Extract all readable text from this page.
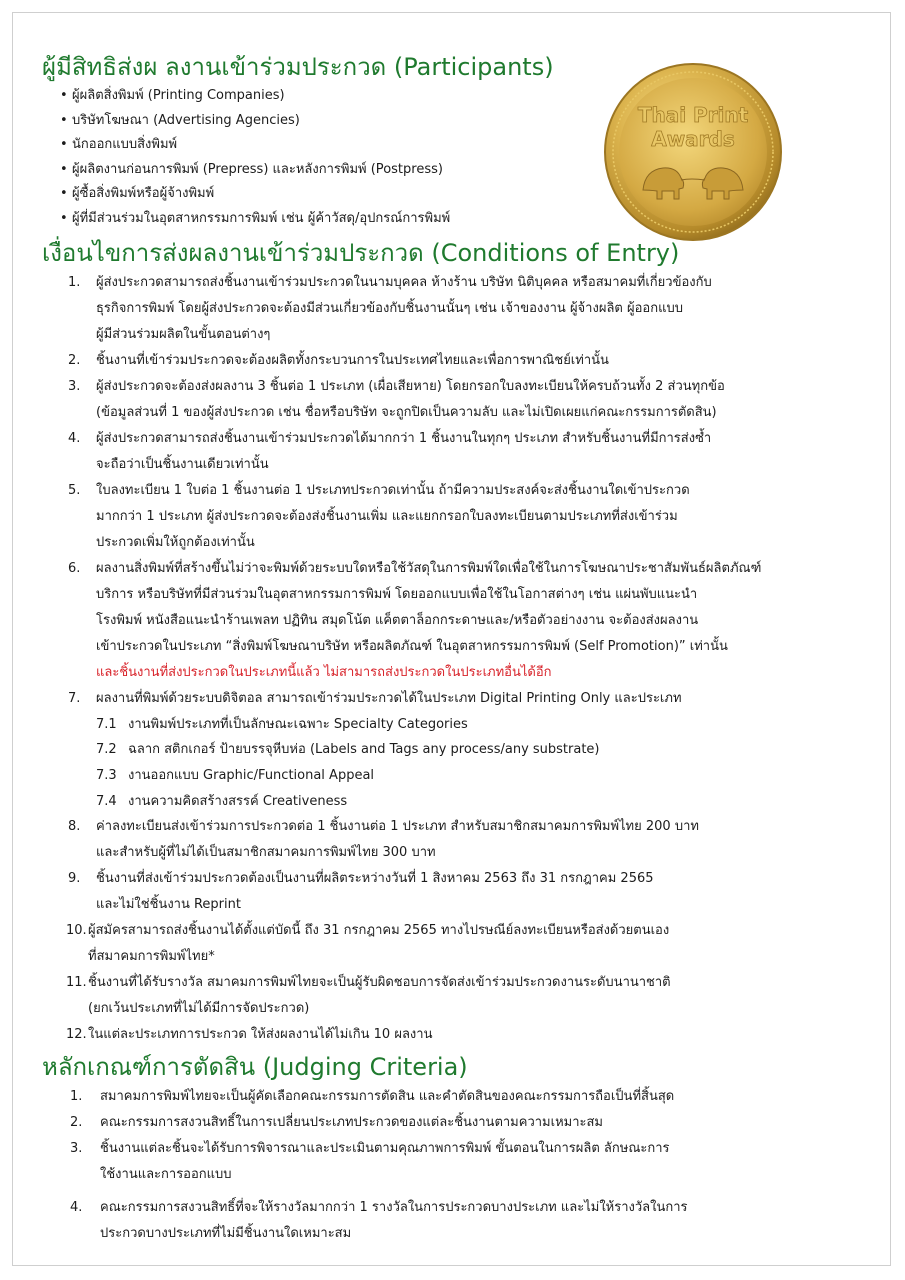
Thai Print
Awards
ผู้มีสิทธิส่งผ ลงานเข้าร่วมประกวด (Participants)
• ผู้ผลิตสิ่งพิมพ์ (Printing Companies)
• บริษัทโฆษณา (Advertising Agencies)
• นักออกแบบสิ่งพิมพ์
• ผู้ผลิตงานก่อนการพิมพ์ (Prepress) และหลังการพิมพ์ (Postpress)
• ผู้ซื้อสิ่งพิมพ์หรือผู้จ้างพิมพ์
• ผู้ที่มีส่วนร่วมในอุตสาหกรรมการพิมพ์ เช่น ผู้ค้าวัสดุ/อุปกรณ์การพิมพ์
เงื่อนไขการส่งผลงานเข้าร่วมประกวด (Conditions of Entry)
1. ผู้ส่งประกวดสามารถส่งชิ้นงานเข้าร่วมประกวดในนามบุคคล ห้างร้าน บริษัท นิติบุคคล หรือสมาคมที่เกี่ยวข้องกับ
ธุรกิจการพิมพ์ โดยผู้ส่งประกวดจะต้องมีส่วนเกี่ยวข้องกับชิ้นงานนั้นๆ เช่น เจ้าของงาน ผู้จ้างผลิต ผู้ออกแบบ
ผู้มีส่วนร่วมผลิตในขั้นตอนต่างๆ
2. ชิ้นงานที่เข้าร่วมประกวดจะต้องผลิตทั้งกระบวนการในประเทศไทยและเพื่อการพาณิชย์เท่านั้น
3. ผู้ส่งประกวดจะต้องส่งผลงาน 3 ชิ้นต่อ 1 ประเภท (เผื่อเสียหาย) โดยกรอกใบลงทะเบียนให้ครบถ้วนทั้ง 2 ส่วนทุกข้อ
(ข้อมูลส่วนที่ 1 ของผู้ส่งประกวด เช่น ชื่อหรือบริษัท จะถูกปิดเป็นความลับ และไม่เปิดเผยแก่คณะกรรมการตัดสิน)
4. ผู้ส่งประกวดสามารถส่งชิ้นงานเข้าร่วมประกวดได้มากกว่า 1 ชิ้นงานในทุกๆ ประเภท สำหรับชิ้นงานที่มีการส่งซ้ำ
จะถือว่าเป็นชิ้นงานเดียวเท่านั้น
5. ใบลงทะเบียน 1 ใบต่อ 1 ชิ้นงานต่อ 1 ประเภทประกวดเท่านั้น ถ้ามีความประสงค์จะส่งชิ้นงานใดเข้าประกวด
มากกว่า 1 ประเภท ผู้ส่งประกวดจะต้องส่งชิ้นงานเพิ่ม และแยกกรอกใบลงทะเบียนตามประเภทที่ส่งเข้าร่วม
ประกวดเพิ่มให้ถูกต้องเท่านั้น
6. ผลงานสิ่งพิมพ์ที่สร้างขึ้นไม่ว่าจะพิมพ์ด้วยระบบใดหรือใช้วัสดุในการพิมพ์ใดเพื่อใช้ในการโฆษณาประชาสัมพันธ์ผลิตภัณฑ์
บริการ หรือบริษัทที่มีส่วนร่วมในอุตสาหกรรมการพิมพ์ โดยออกแบบเพื่อใช้ในโอกาสต่างๆ เช่น แผ่นพับแนะนำ
โรงพิมพ์ หนังสือแนะนำร้านเพลท ปฏิทิน สมุดโน้ต แค็ตตาล็อกกระดาษและ/หรือตัวอย่างงาน จะต้องส่งผลงาน
เข้าประกวดในประเภท “สิ่งพิมพ์โฆษณาบริษัท หรือผลิตภัณฑ์ ในอุตสาหกรรมการพิมพ์ (Self Promotion)” เท่านั้น
และชิ้นงานที่ส่งประกวดในประเภทนี้แล้ว ไม่สามารถส่งประกวดในประเภทอื่นได้อีก
7. ผลงานที่พิมพ์ด้วยระบบดิจิตอล สามารถเข้าร่วมประกวดได้ในประเภท Digital Printing Only และประเภท
7.1 งานพิมพ์ประเภทที่เป็นลักษณะเฉพาะ Specialty Categories
7.2 ฉลาก สติกเกอร์ ป้ายบรรจุหีบห่อ (Labels and Tags any process/any substrate)
7.3 งานออกแบบ Graphic/Functional Appeal
7.4 งานความคิดสร้างสรรค์ Creativeness
8. ค่าลงทะเบียนส่งเข้าร่วมการประกวดต่อ 1 ชิ้นงานต่อ 1 ประเภท สำหรับสมาชิกสมาคมการพิมพ์ไทย 200 บาท
และสำหรับผู้ที่ไม่ได้เป็นสมาชิกสมาคมการพิมพ์ไทย 300 บาท
9. ชิ้นงานที่ส่งเข้าร่วมประกวดต้องเป็นงานที่ผลิตระหว่างวันที่ 1 สิงหาคม 2563 ถึง 31 กรกฎาคม 2565
และไม่ใช่ชิ้นงาน Reprint
10. ผู้สมัครสามารถส่งชิ้นงานได้ตั้งแต่บัดนี้ ถึง 31 กรกฎาคม 2565 ทางไปรษณีย์ลงทะเบียนหรือส่งด้วยตนเอง
ที่สมาคมการพิมพ์ไทย*
11. ชิ้นงานที่ได้รับรางวัล สมาคมการพิมพ์ไทยจะเป็นผู้รับผิดชอบการจัดส่งเข้าร่วมประกวดงานระดับนานาชาติ
(ยกเว้นประเภทที่ไม่ได้มีการจัดประกวด)
12. ในแต่ละประเภทการประกวด ให้ส่งผลงานได้ไม่เกิน 10 ผลงาน
หลักเกณฑ์การตัดสิน (Judging Criteria)
1. สมาคมการพิมพ์ไทยจะเป็นผู้คัดเลือกคณะกรรมการตัดสิน และคำตัดสินของคณะกรรมการถือเป็นที่สิ้นสุด
2. คณะกรรมการสงวนสิทธิ์ในการเปลี่ยนประเภทประกวดของแต่ละชิ้นงานตามความเหมาะสม
3. ชิ้นงานแต่ละชิ้นจะได้รับการพิจารณาและประเมินตามคุณภาพการพิมพ์ ขั้นตอนในการผลิต ลักษณะการ
ใช้งานและการออกแบบ
4. คณะกรรมการสงวนสิทธิ์ที่จะให้รางวัลมากกว่า 1 รางวัลในการประกวดบางประเภท และไม่ให้รางวัลในการ
ประกวดบางประเภทที่ไม่มีชิ้นงานใดเหมาะสม
